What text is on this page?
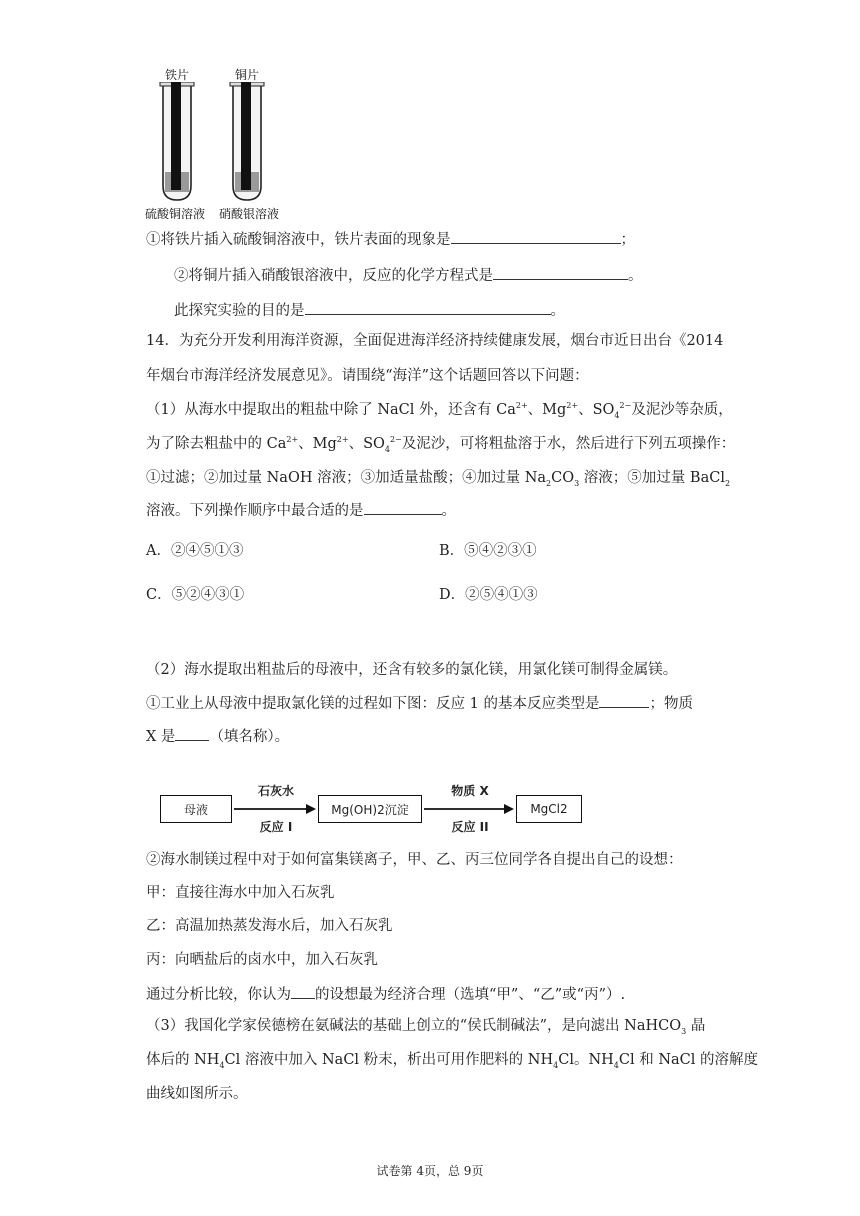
铁片	铜片
硫酸铜溶液 硝酸银溶液
①将铁片插入硫酸铜溶液中，铁片表面的现象是	；
②将铜片插入硝酸银溶液中，反应的化学方程式是	。
此探究实验的目的是	。
14．为充分开发利用海洋资源，全面促进海洋经济持续健康发展，烟台市近日出台《2014
年烟台市海洋经济发展意见》。请围绕“海洋”这个话题回答以下问题：
（1）从海水中提取出的粗盐中除了 NaCl 外，还含有 $Ca^{2+}$、$Mg^{2+}$、$SO_4^{2-}$及泥沙等杂质，
为了除去粗盐中的 $Ca^{2+}$、$Mg^{2+}$、$SO_4^{2-}$及泥沙，可将粗盐溶于水，然后进行下列五项操作：
①过滤；②加过量 NaOH 溶液；③加适量盐酸；④加过量 $Na_2CO_3$ 溶液；⑤加过量 BaCl$_2$
溶液。下列操作顺序中最合适的是	。
A．②④⑤①③	B．⑤④②③①
C．⑤②④③①	D．②⑤④①③
（2）海水提取出粗盐后的母液中，还含有较多的氯化镁，用氯化镁可制得金属镁。
①工业上从母液中提取氯化镁的过程如下图：反应 1 的基本反应类型是	；物质
X 是 （填名称）。
母液
石灰水
反应 I
Mg(OH)2沉淀
物质 X
反应 II
MgCl2
②海水制镁过程中对于如何富集镁离子，甲、乙、丙三位同学各自提出自己的设想：
甲：直接往海水中加入石灰乳
乙：高温加热蒸发海水后，加入石灰乳
丙：向晒盐后的卤水中，加入石灰乳
通过分析比较，你认为 的设想最为经济合理（选填“甲”、“乙”或“丙”）.
（3）我国化学家侯德榜在氨碱法的基础上创立的“侯氏制碱法”，是向滤出 NaHCO$_3$ 晶
体后的 $NH_4Cl$ 溶液中加入 NaCl 粉末，析出可用作肥料的 $NH_4Cl$。$NH_4Cl$ 和 NaCl 的溶解度
曲线如图所示。
试卷第 4页，总 9页
